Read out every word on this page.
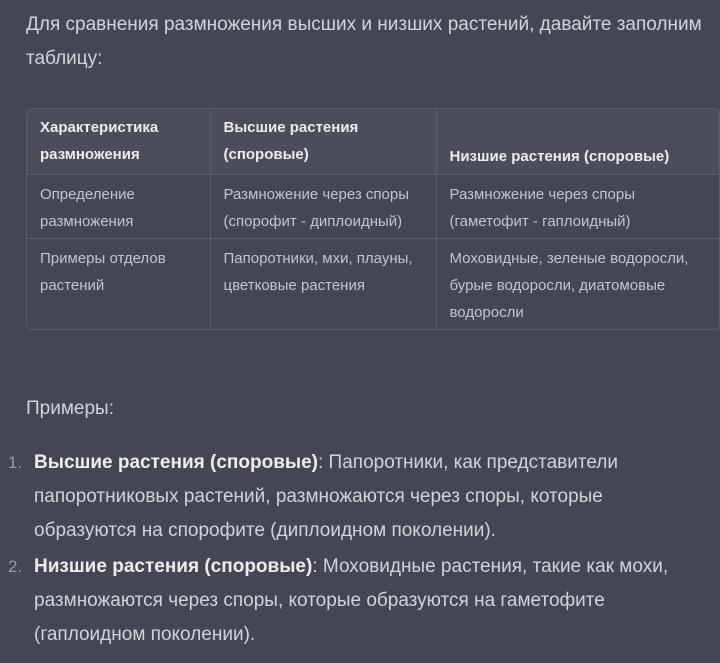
Для сравнения размножения высших и низших растений, давайте заполним таблицу:

Характеристика размножения	Высшие растения (споровые)	Низшие растения (споровые)
Определение размножения	Размножение через споры (спорофит - диплоидный)	Размножение через споры (гаметофит - гаплоидный)
Примеры отделов растений	Папоротники, мхи, плауны, цветковые растения	Моховидные, зеленые водоросли, бурые водоросли, диатомовые водоросли

Примеры:

1. Высшие растения (споровые): Папоротники, как представители папоротниковых растений, размножаются через споры, которые образуются на спорофите (диплоидном поколении).
2. Низшие растения (споровые): Моховидные растения, такие как мохи, размножаются через споры, которые образуются на гаметофите (гаплоидном поколении).
